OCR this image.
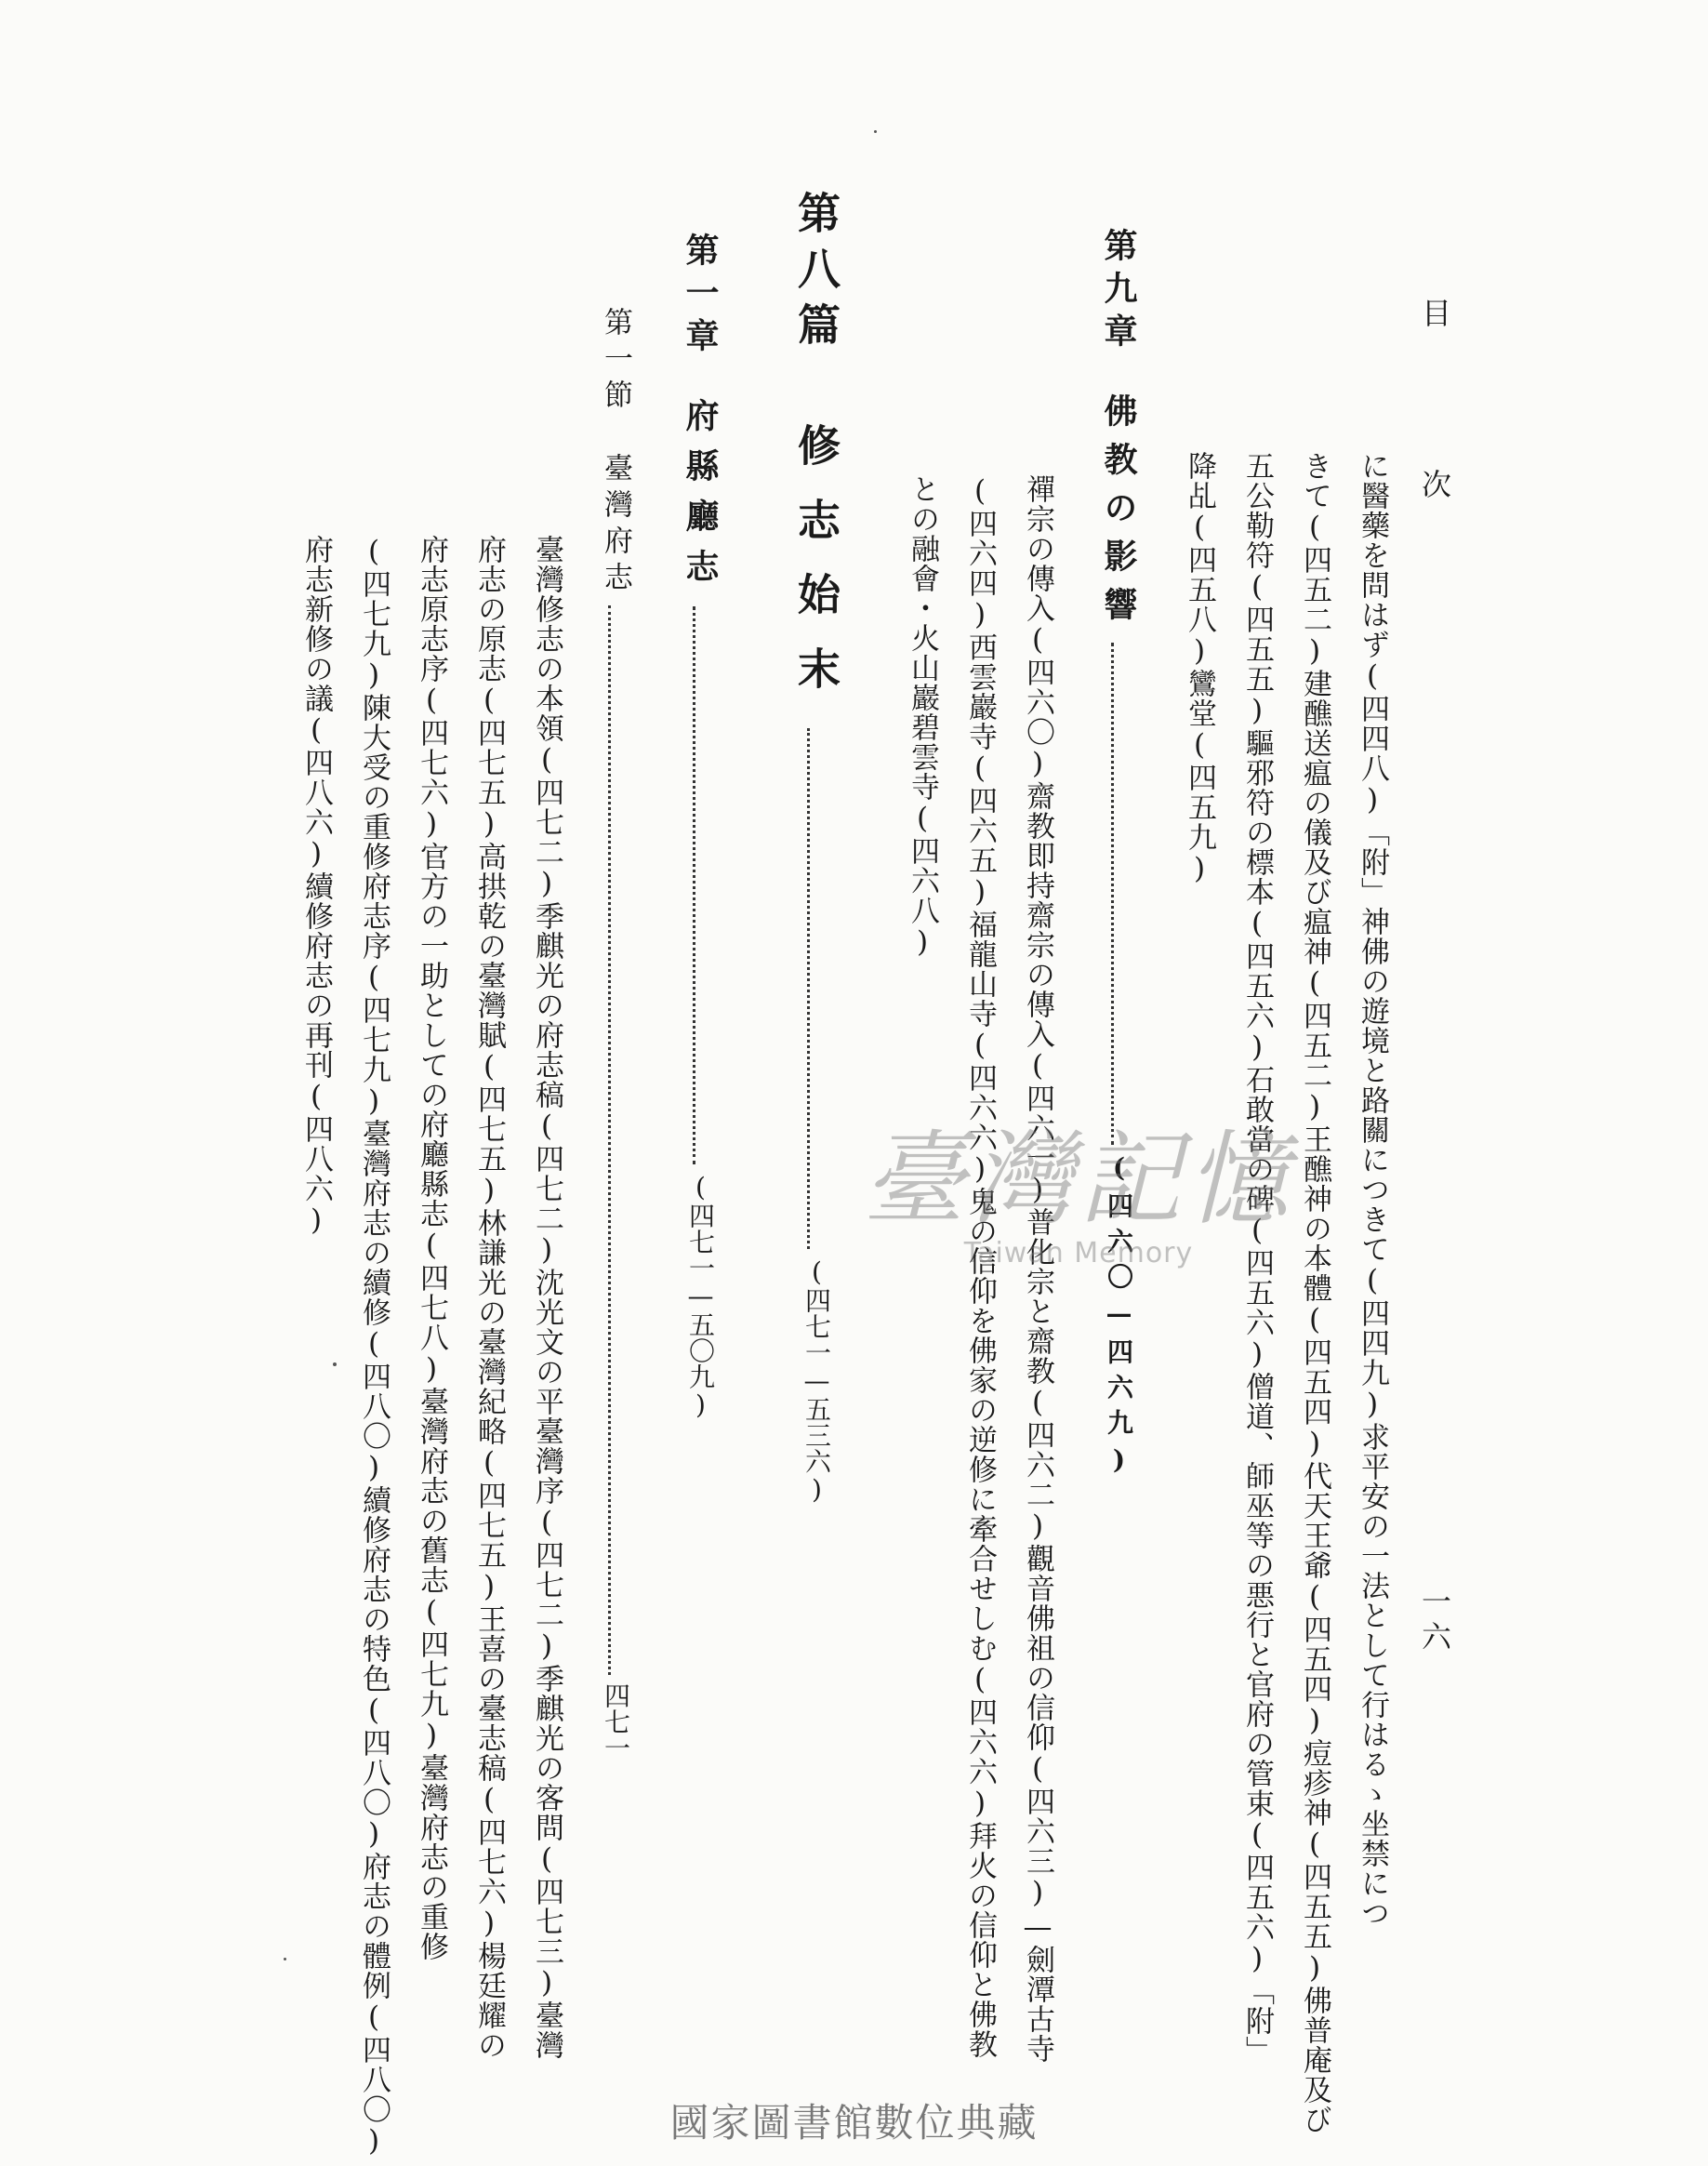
目　次
一六
に醫藥を問はず(四四八)「附」神佛の遊境と路關につきて(四四九)求平安の一法として行はるゝ坐禁につ
きて(四五二)建醮送瘟の儀及び瘟神(四五二)王醮神の本體(四五四)代天王爺(四五四)痘疹神(四五五)佛普庵及び
五公勒符(四五五)驅邪符の標本(四五六)石敢當の碑(四五六)僧道、師巫等の悪行と官府の管束(四五六)「附」
降乩(四五八)鸞堂(四五九)
第九章佛教の影響(四六〇—四六九)
禪宗の傳入(四六〇)齋教即持齋宗の傳入(四六一)普化宗と齋教(四六二)觀音佛祖の信仰(四六三)—劍潭古寺
(四六四)西雲巖寺(四六五)福龍山寺(四六六)鬼の信仰を佛家の逆修に牽合せしむ(四六六)拜火の信仰と佛教
との融會・火山巖碧雲寺(四六八)
第八篇修志始末(四七一—五三六)
第一章府縣廳志(四七一—五〇九)
第一節臺灣府志四七一
臺灣修志の本領(四七二)季麒光の府志稿(四七二)沈光文の平臺灣序(四七二)季麒光の客問(四七三)臺灣
府志の原志(四七五)高拱乾の臺灣賦(四七五)林謙光の臺灣紀略(四七五)王喜の臺志稿(四七六)楊廷耀の
府志原志序(四七六)官方の一助としての府廳縣志(四七八)臺灣府志の舊志(四七九)臺灣府志の重修
(四七九)陳大受の重修府志序(四七九)臺灣府志の續修(四八〇)續修府志の特色(四八〇)府志の體例(四八〇)
府志新修の議(四八六)續修府志の再刊(四八六)	臺灣記憶
Taiwan Memory
國家圖書館數位典藏
